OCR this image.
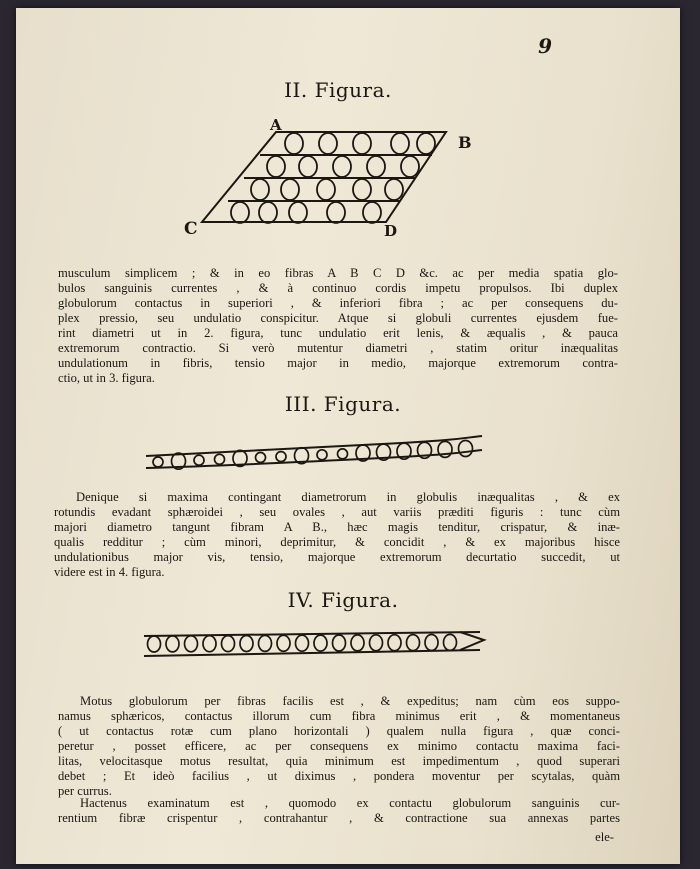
9
II. Figura.
A
B
C	D
musculum simplicem ; & in eo fibras A B C D &c. ac per media spatia glo-
bulos sanguinis currentes , & à continuo cordis impetu propulsos. Ibi duplex
globulorum contactus in superiori , & inferiori fibra ; ac per consequens du-
plex pressio, seu undulatio conspicitur. Atque si globuli currentes ejusdem fue-
rint diametri ut in 2. figura, tunc undulatio erit lenis, & æqualis , & pauca
extremorum contractio. Si verò mutentur diametri , statim oritur inæqualitas
undulationum in fibris, tensio major in medio, majorque extremorum contra-
ctio, ut in 3. figura.
III. Figura.
Denique si maxima contingant diametrorum in globulis inæqualitas , & ex
rotundis evadant sphæroidei , seu ovales , aut variis præditi figuris : tunc cùm
majori diametro tangunt fibram A B., hæc magis tenditur, crispatur, & inæ-
qualis redditur ; cùm minori, deprimitur, & concidit , & ex majoribus hisce
undulationibus major vis, tensio, majorque extremorum decurtatio succedit, ut
videre est in 4. figura.
IV. Figura.
Motus globulorum per fibras facilis est , & expeditus; nam cùm eos suppo-
namus sphæricos, contactus illorum cum fibra minimus erit , & momentaneus
( ut contactus rotæ cum plano horizontali ) qualem nulla figura , quæ conci-
peretur , posset efficere, ac per consequens ex minimo contactu maxima faci-
litas, velocitasque motus resultat, quia minimum est impedimentum , quod superari
debet ; Et ideò facilius , ut diximus , pondera moventur per scytalas, quàm
per currus.
Hactenus examinatum est , quomodo ex contactu globulorum sanguinis cur-
rentium fibræ crispentur , contrahantur , & contractione sua annexas partes
ele-
